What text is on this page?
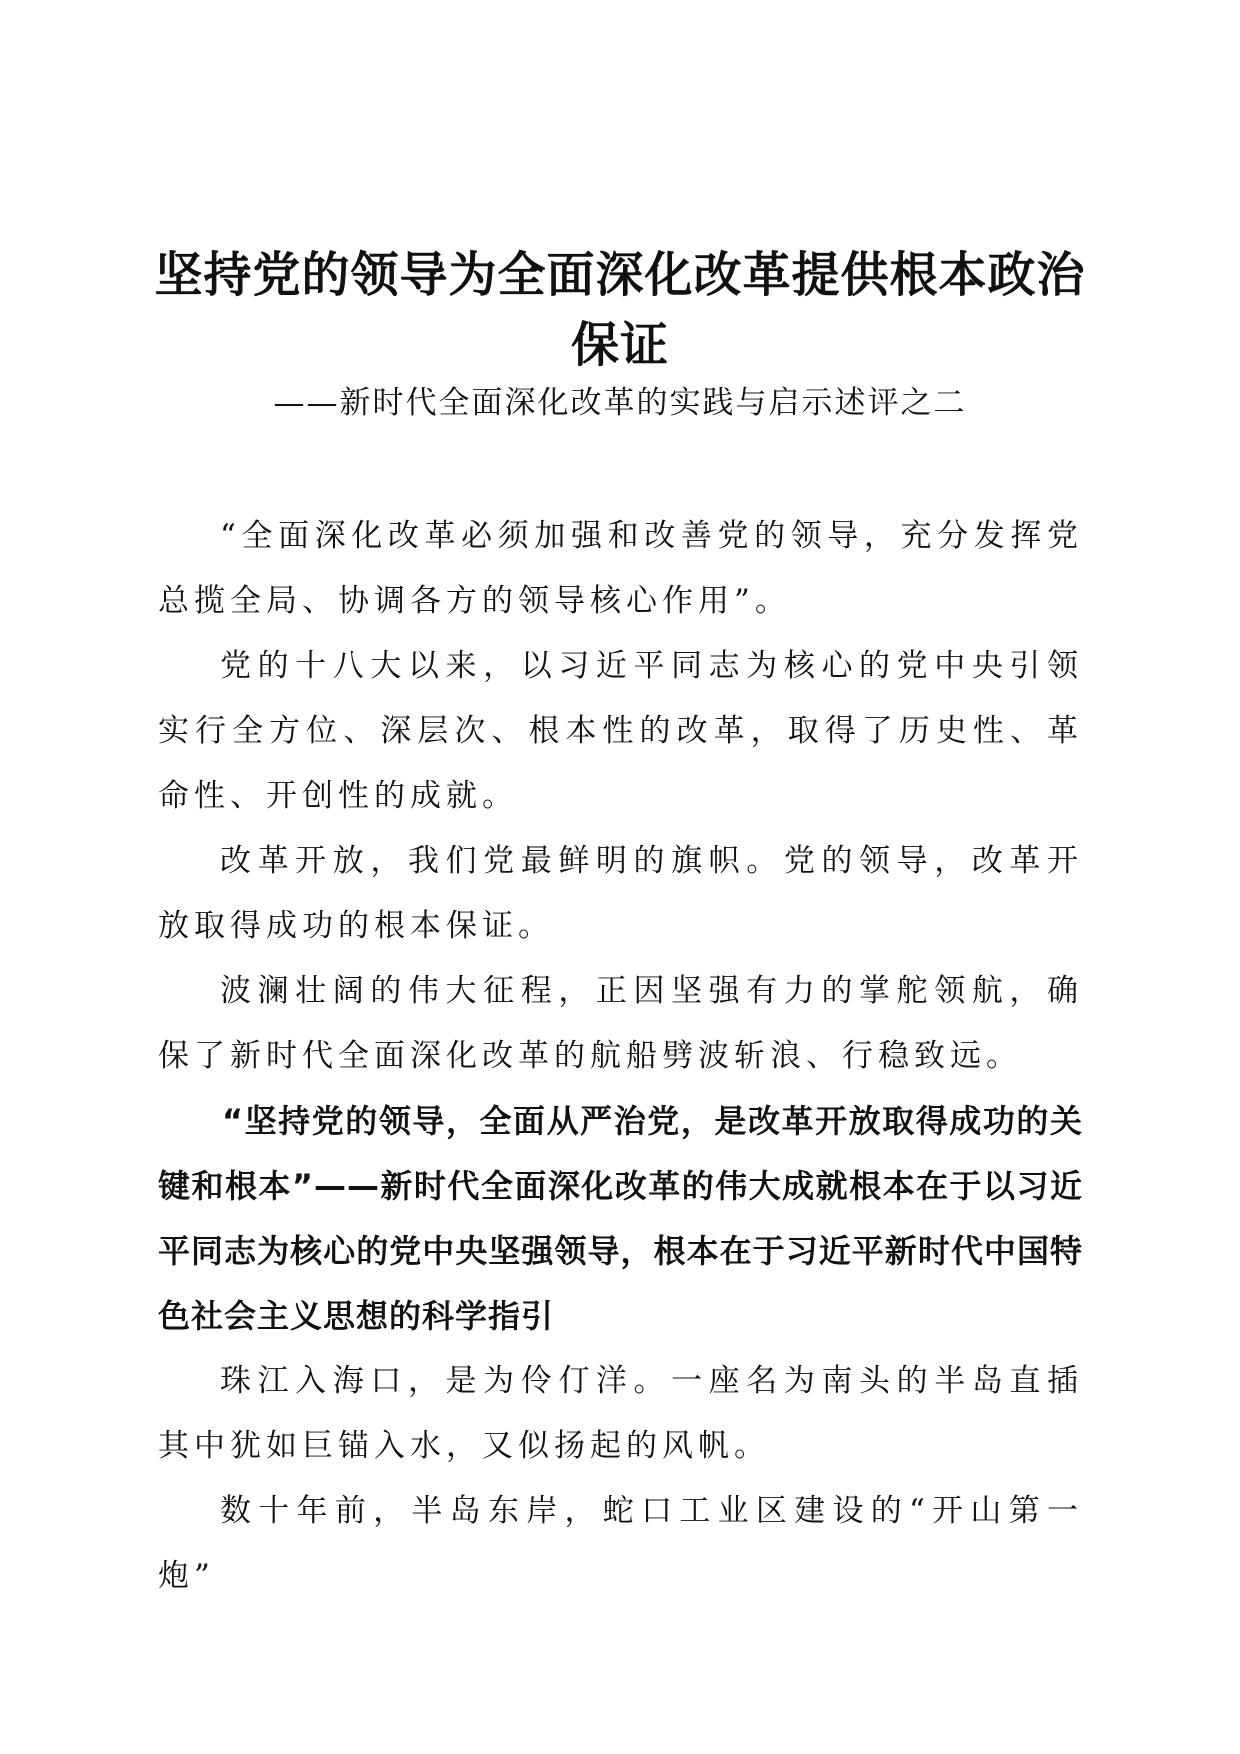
坚持党的领导为全面深化改革提供根本政治保证

——新时代全面深化改革的实践与启示述评之二

“全面深化改革必须加强和改善党的领导，充分发挥党总揽全局、协调各方的领导核心作用”。

党的十八大以来，以习近平同志为核心的党中央引领实行全方位、深层次、根本性的改革，取得了历史性、革命性、开创性的成就。

改革开放，我们党最鲜明的旗帜。党的领导，改革开放取得成功的根本保证。

波澜壮阔的伟大征程，正因坚强有力的掌舵领航，确保了新时代全面深化改革的航船劈波斩浪、行稳致远。

“坚持党的领导，全面从严治党，是改革开放取得成功的关键和根本”——新时代全面深化改革的伟大成就根本在于以习近平同志为核心的党中央坚强领导，根本在于习近平新时代中国特色社会主义思想的科学指引

珠江入海口，是为伶仃洋。一座名为南头的半岛直插其中犹如巨锚入水，又似扬起的风帆。

数十年前，半岛东岸，蛇口工业区建设的“开山第一炮”
